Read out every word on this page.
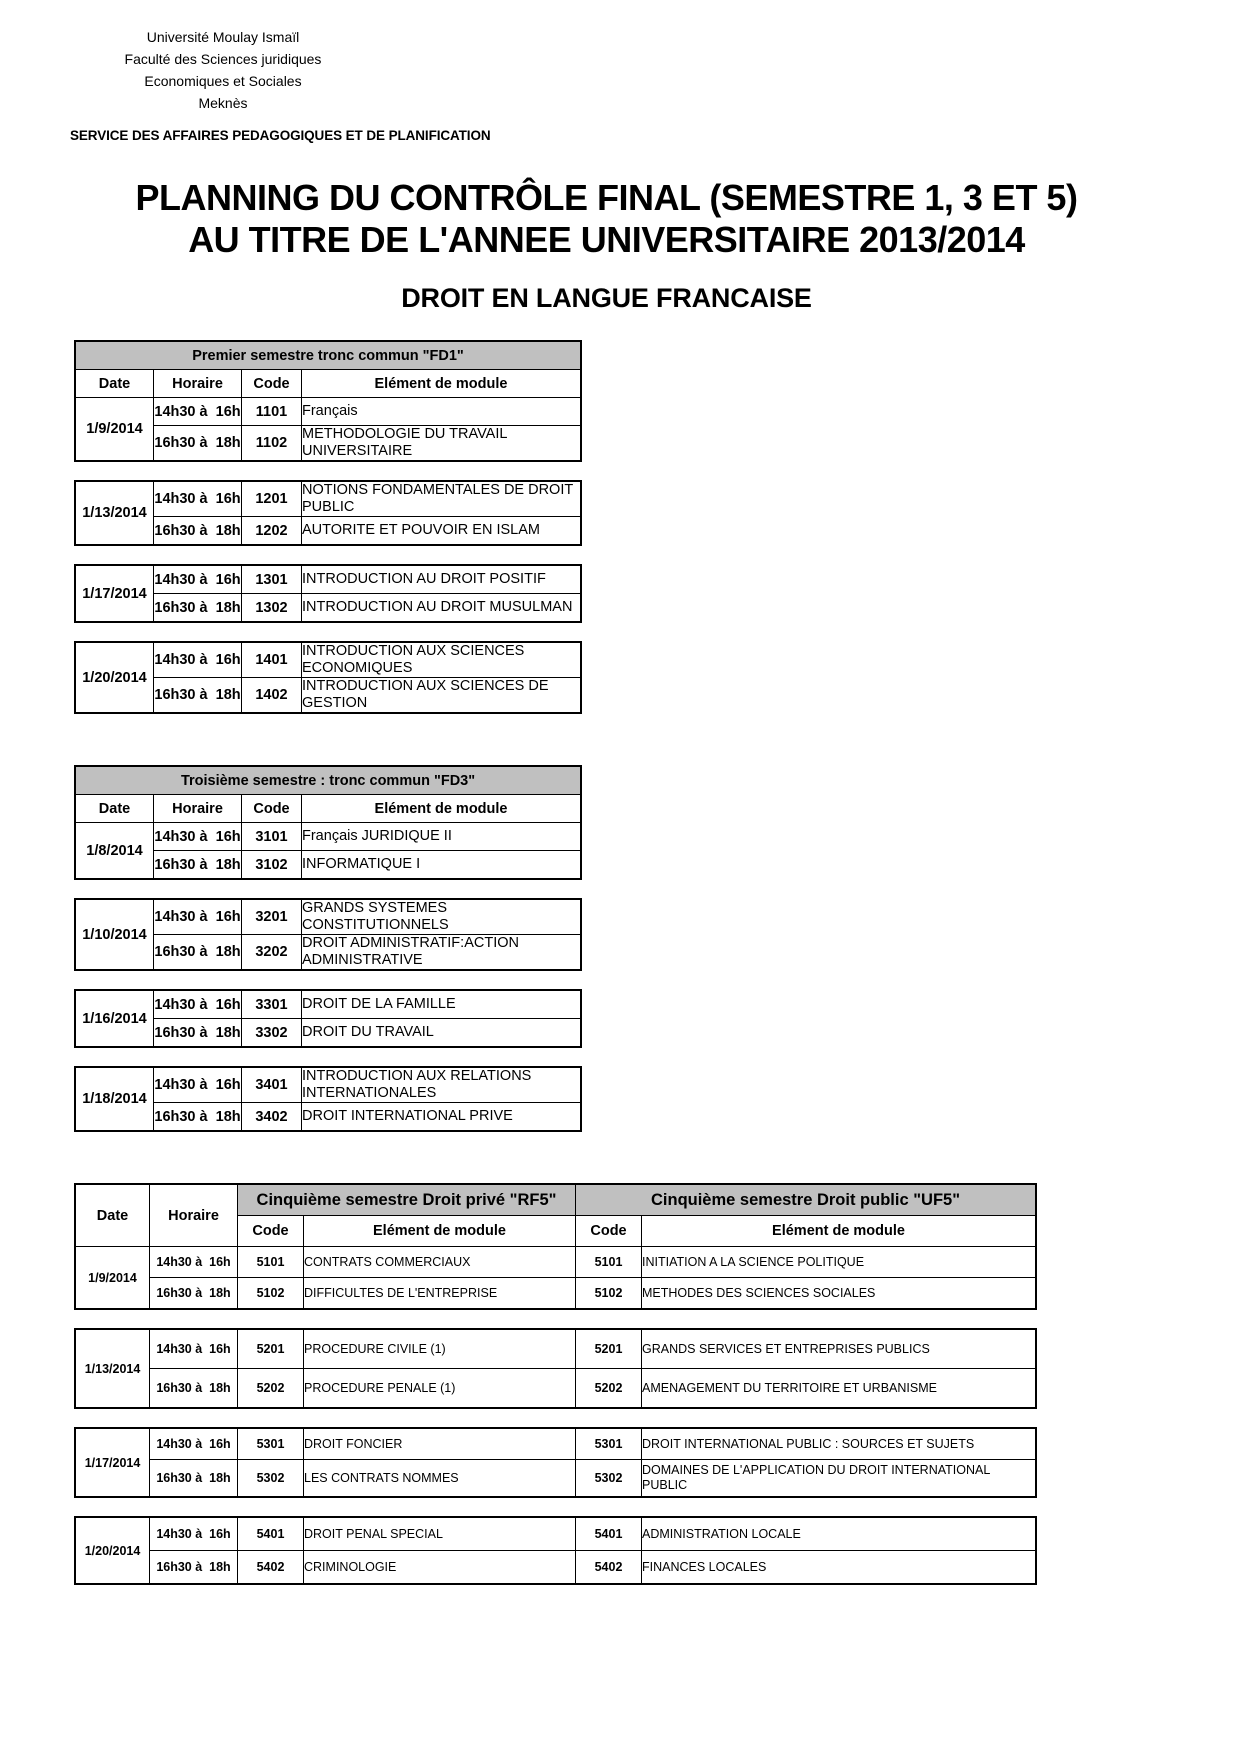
Université Moulay Ismaïl
Faculté des Sciences juridiques
Economiques et Sociales
Meknès
SERVICE DES AFFAIRES PEDAGOGIQUES ET DE PLANIFICATION
PLANNING DU CONTRÔLE FINAL (SEMESTRE 1, 3 ET 5)
AU TITRE DE L'ANNEE UNIVERSITAIRE 2013/2014
DROIT EN LANGUE FRANCAISE
Premier semestre tronc commun "FD1"			
Date	Horaire	Code	Elément de module
1/9/2014	14h30 à  16h	1101	Français
	16h30 à  18h	1102	METHODOLOGIE DU TRAVAIL UNIVERSITAIRE
1/13/2014	14h30 à  16h	1201	NOTIONS FONDAMENTALES DE DROIT PUBLIC
	16h30 à  18h	1202	AUTORITE ET POUVOIR EN ISLAM
1/17/2014	14h30 à  16h	1301	INTRODUCTION AU DROIT POSITIF
	16h30 à  18h	1302	INTRODUCTION AU DROIT MUSULMAN
1/20/2014	14h30 à  16h	1401	INTRODUCTION AUX SCIENCES ECONOMIQUES
	16h30 à  18h	1402	INTRODUCTION AUX SCIENCES DE GESTION
Troisième semestre : tronc commun "FD3"			
Date	Horaire	Code	Elément de module
1/8/2014	14h30 à  16h	3101	Français JURIDIQUE II
	16h30 à  18h	3102	INFORMATIQUE I
1/10/2014	14h30 à  16h	3201	GRANDS SYSTEMES CONSTITUTIONNELS
	16h30 à  18h	3202	DROIT ADMINISTRATIF:ACTION ADMINISTRATIVE
1/16/2014	14h30 à  16h	3301	DROIT DE LA FAMILLE
	16h30 à  18h	3302	DROIT DU TRAVAIL
1/18/2014	14h30 à  16h	3401	INTRODUCTION AUX RELATIONS INTERNATIONALES
	16h30 à  18h	3402	DROIT INTERNATIONAL PRIVE
Date	Horaire	Cinquième semestre Droit privé "RF5"		Cinquième semestre Droit public "UF5"	
		Code	Elément de module	Code	Elément de module
1/9/2014	14h30 à  16h	5101	CONTRATS COMMERCIAUX	5101	INITIATION A LA SCIENCE POLITIQUE
	16h30 à  18h	5102	DIFFICULTES DE L'ENTREPRISE	5102	METHODES DES SCIENCES SOCIALES
1/13/2014	14h30 à  16h	5201	PROCEDURE CIVILE (1)	5201	GRANDS SERVICES ET ENTREPRISES PUBLICS
	16h30 à  18h	5202	PROCEDURE PENALE (1)	5202	AMENAGEMENT DU TERRITOIRE ET URBANISME
1/17/2014	14h30 à  16h	5301	DROIT FONCIER	5301	DROIT INTERNATIONAL PUBLIC : SOURCES ET SUJETS
	16h30 à  18h	5302	LES CONTRATS NOMMES	5302	DOMAINES DE L'APPLICATION DU DROIT INTERNATIONAL PUBLIC
1/20/2014	14h30 à  16h	5401	DROIT PENAL SPECIAL	5401	ADMINISTRATION LOCALE
	16h30 à  18h	5402	CRIMINOLOGIE	5402	FINANCES LOCALES
